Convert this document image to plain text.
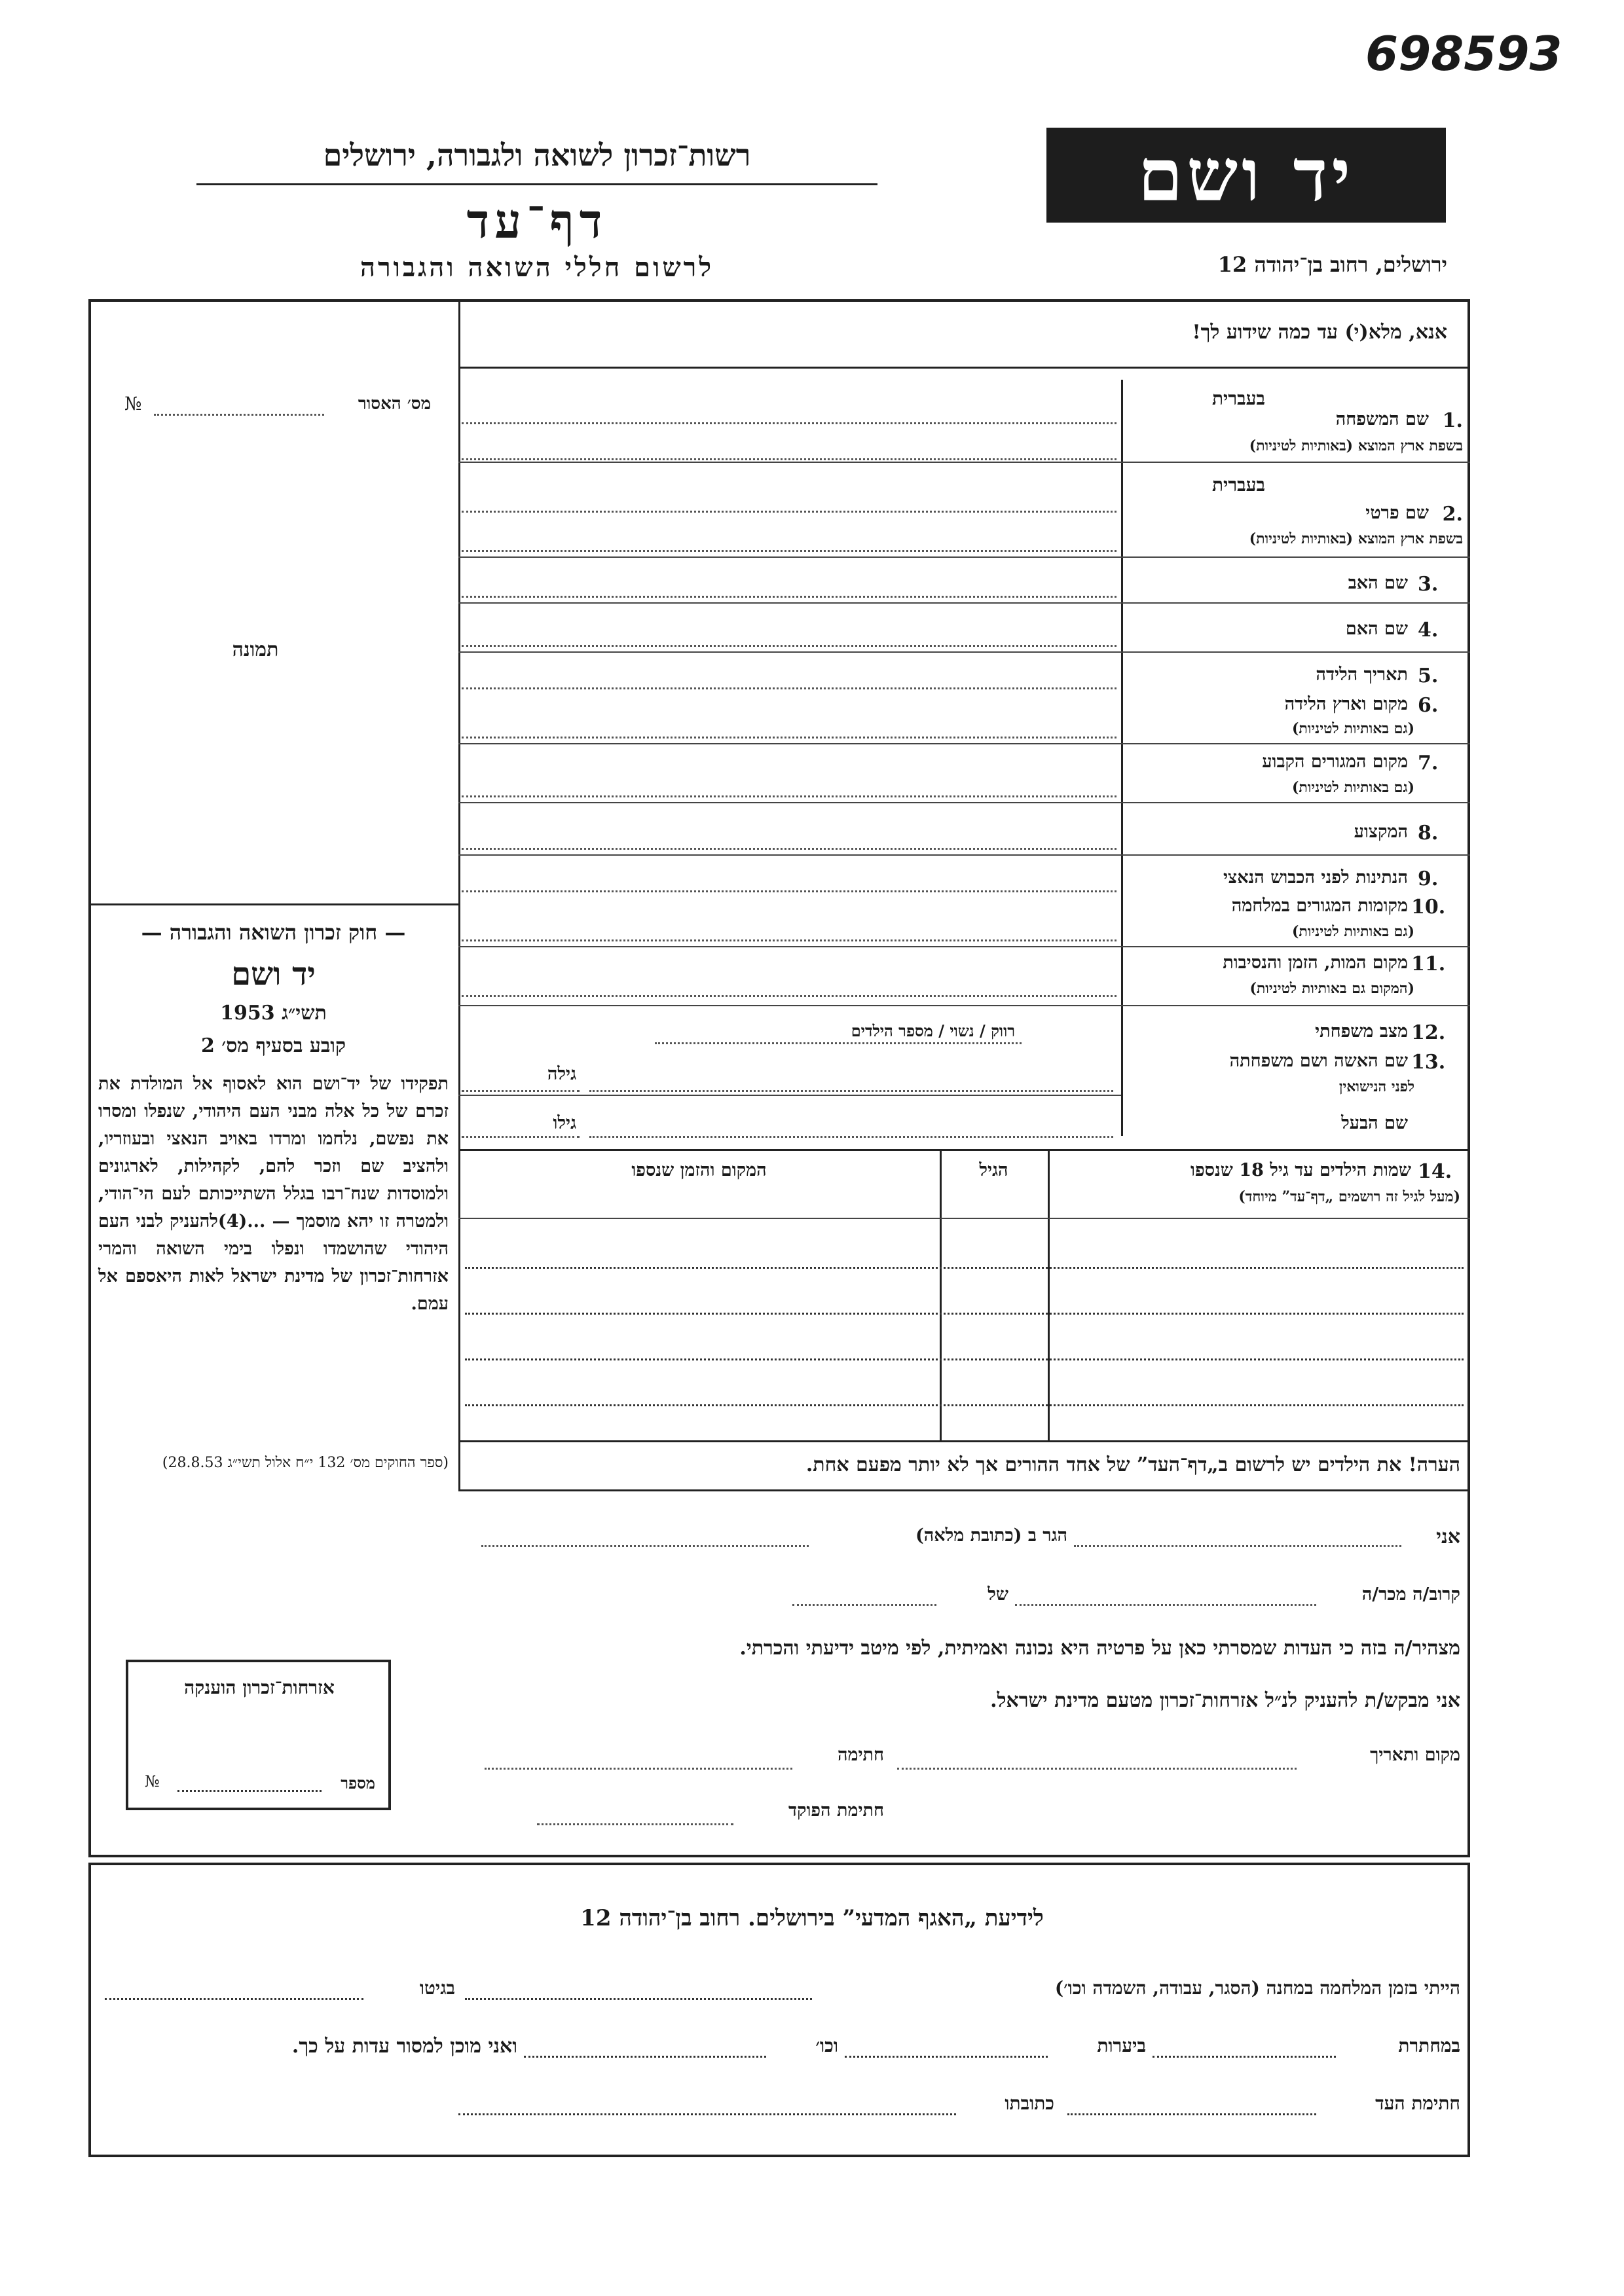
698593
רשות־זכרון לשואה ולגבורה, ירושלים
דף־עד
לרשום חללי השואה והגבורה
יד ושם
ירושלים, רחוב בן־יהודה 12
אנא, מלא(י) עד כמה שידוע לך!
מס׳ האסור
№
תמונה
— חוק זכרון השואה והגבורה —
יד ושם
תשי״ג 1953
קובע בסעיף מס׳ 2
תפקידו של יד־ושם הוא לאסוף אל המולדת את זכרם של כל אלה מבני העם היהודי, שנפלו ומסרו את נפשם, נלחמו ומרדו באויב הנאצי ובעוזריו, ולהציב שם וזכר להם, לקהילות, לארגונים ולמוסדות שנח־רבו בגלל השתייכותם לעם הי־הודי, ולמטרה זו יהא מוסמך — ...(4)להעניק לבני העם היהודי שהושמדו ונפלו בימי השואה והמרי אזרחות־זכרון של מדינת ישראל לאות היאספם אל עמם.
(ספר החוקים מס׳ 132 י״ח אלול תשי״ג 28.8.53)
בעברית
1.
שם המשפחה
בשפת ארץ המוצא (באותיות לטיניות)
בעברית
2.
שם פרטי
בשפת ארץ המוצא (באותיות לטיניות)
3.
שם האב
4.
שם האם
5.
תאריך הלידה
6.
מקום וארץ הלידה
(גם באותיות לטיניות)
7.
מקום המגורים הקבוע
(גם באותיות לטיניות)
8.
המקצוע
9.
הנתינות לפני הכבוש הנאצי
10.
מקומות המגורים במלחמה
(גם באותיות לטיניות)
11.
מקום המות, הזמן והנסיבות
(המקום גם באותיות לטיניות)
12.
מצב משפחתי
רווק / נשוי / מספר הילדים
13.
שם האשה ושם משפחתה
לפני הנישואין
גילה
שם הבעל
גילו
14.
שמות הילדים עד גיל 18 שנספו
(מעל לגיל זה רושמים „דף־עד” מיוחד)
הגיל
המקום והזמן שנספו
הערה! את הילדים יש לרשום ב„דף־העד” של אחד ההורים אך לא יותר מפעם אחת.
אני
הגר ב (כתובת מלאה)
קרוב/ה מכר/ה
של
מצהיר/ה בזה כי העדות שמסרתי כאן על פרטיה היא נכונה ואמיתית, לפי מיטב ידיעתי והכרתי.
אני מבקש/ת להעניק לנ״ל אזרחות־זכרון מטעם מדינת ישראל.
מקום ותאריך
חתימה
חתימת הפוקד
אזרחות־זכרון הוענקה
מספר
№
לידיעת „האגף המדעי” בירושלים. רחוב בן־יהודה 12
הייתי בזמן המלחמה במחנה (הסגר, עבודה, השמדה וכו׳)
בגיטו
במחתרת
ביערות
וכו׳
ואני מוכן למסור עדות על כך.
חתימת העד
כתובתו
